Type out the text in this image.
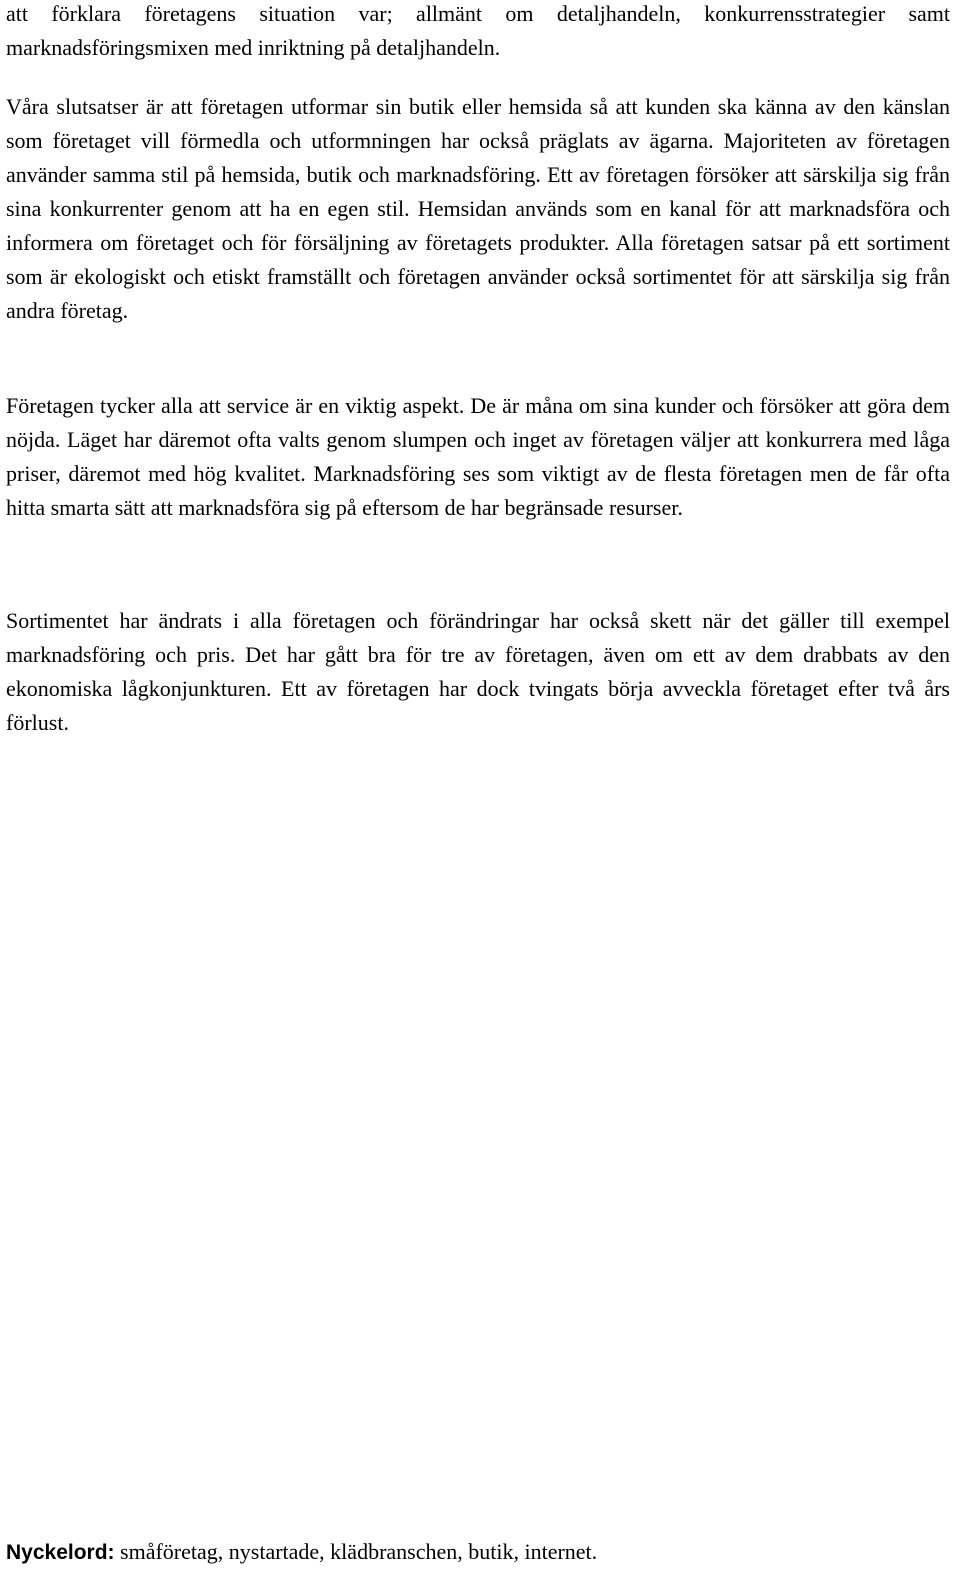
att förklara företagens situation var; allmänt om detaljhandeln, konkurrensstrategier samt marknadsföringsmixen med inriktning på detaljhandeln.

Våra slutsatser är att företagen utformar sin butik eller hemsida så att kunden ska känna av den känslan som företaget vill förmedla och utformningen har också präglats av ägarna. Majoriteten av företagen använder samma stil på hemsida, butik och marknadsföring. Ett av företagen försöker att särskilja sig från sina konkurrenter genom att ha en egen stil. Hemsidan används som en kanal för att marknadsföra och informera om företaget och för försäljning av företagets produkter. Alla företagen satsar på ett sortiment som är ekologiskt och etiskt framställt och företagen använder också sortimentet för att särskilja sig från andra företag.

Företagen tycker alla att service är en viktig aspekt. De är måna om sina kunder och försöker att göra dem nöjda. Läget har däremot ofta valts genom slumpen och inget av företagen väljer att konkurrera med låga priser, däremot med hög kvalitet. Marknadsföring ses som viktigt av de flesta företagen men de får ofta hitta smarta sätt att marknadsföra sig på eftersom de har begränsade resurser.

Sortimentet har ändrats i alla företagen och förändringar har också skett när det gäller till exempel marknadsföring och pris. Det har gått bra för tre av företagen, även om ett av dem drabbats av den ekonomiska lågkonjunkturen. Ett av företagen har dock tvingats börja avveckla företaget efter två års förlust.

Nyckelord: småföretag, nystartade, klädbranschen, butik, internet.
